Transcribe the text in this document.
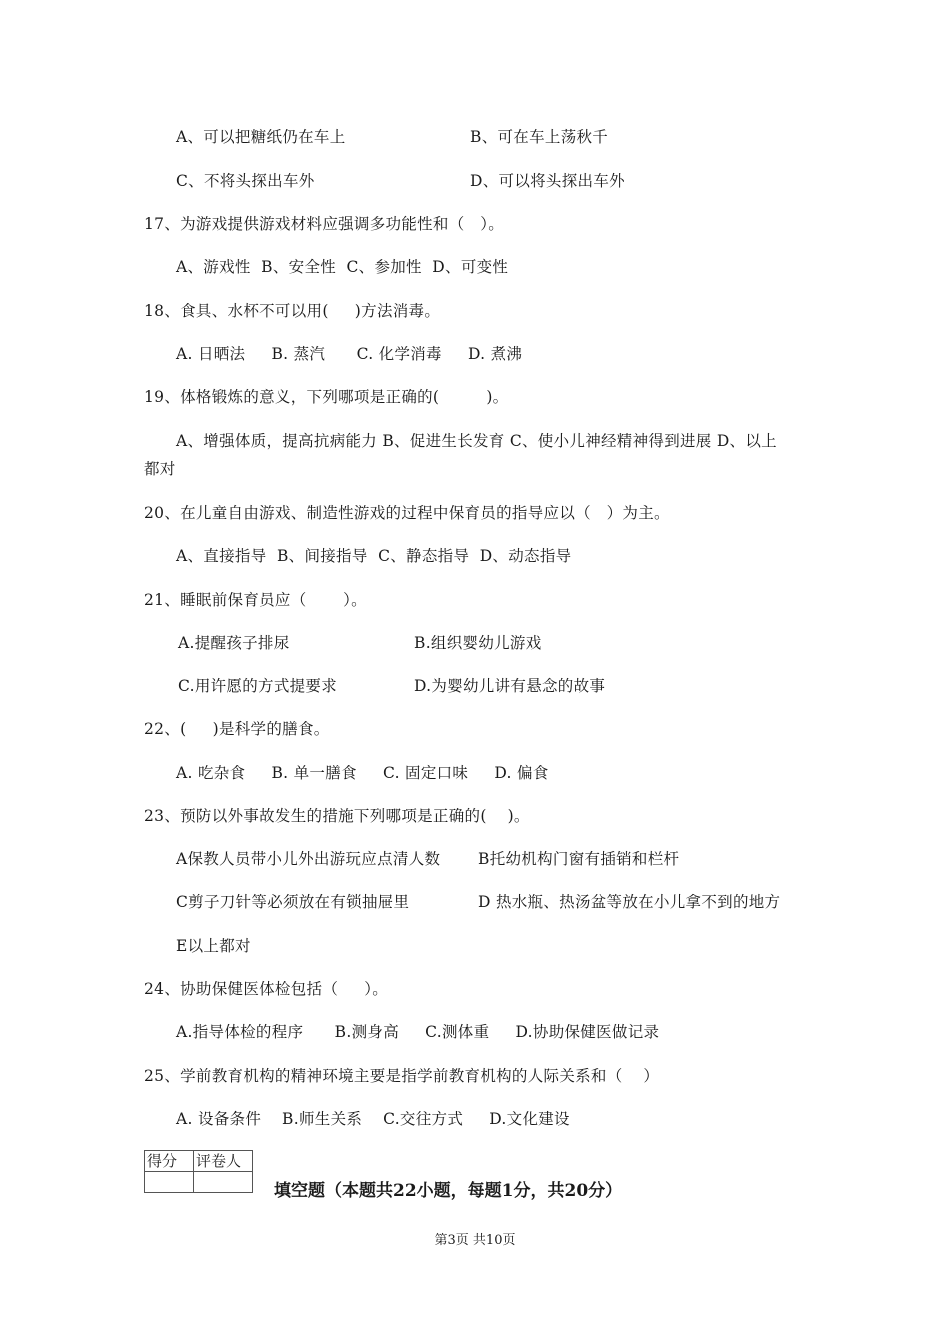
A、可以把糖纸仍在车上	B、可在车上荡秋千
C、不将头探出车外	D、可以将头探出车外
17、为游戏提供游戏材料应强调多功能性和（   ）。
A、游戏性  B、安全性  C、参加性  D、可变性
18、食具、水杯不可以用(     )方法消毒。
A. 日晒法     B. 蒸汽      C. 化学消毒     D. 煮沸
19、体格锻炼的意义，下列哪项是正确的(         )。
A、增强体质，提高抗病能力 B、促进生长发育 C、使小儿神经精神得到进展 D、以上
都对
20、在儿童自由游戏、制造性游戏的过程中保育员的指导应以（   ）为主。
A、直接指导  B、间接指导  C、静态指导  D、动态指导
21、睡眠前保育员应（       ）。
A.提醒孩子排尿	B.组织婴幼儿游戏
C.用许愿的方式提要求	D.为婴幼儿讲有悬念的故事
22、(     )是科学的膳食。
A. 吃杂食     B. 单一膳食     C. 固定口味     D. 偏食
23、预防以外事故发生的措施下列哪项是正确的(    )。
A保教人员带小儿外出游玩应点清人数 B托幼机构门窗有插销和栏杆
C剪子刀针等必须放在有锁抽屉里	D 热水瓶、热汤盆等放在小儿拿不到的地方
E以上都对
24、协助保健医体检包括（     ）。
A.指导体检的程序      B.测身高     C.测体重     D.协助保健医做记录
25、学前教育机构的精神环境主要是指学前教育机构的人际关系和（    ）
A. 设备条件    B.师生关系    C.交往方式     D.文化建设
得分	评卷人

填空题（本题共22小题，每题1分，共20分）
第3页 共10页
